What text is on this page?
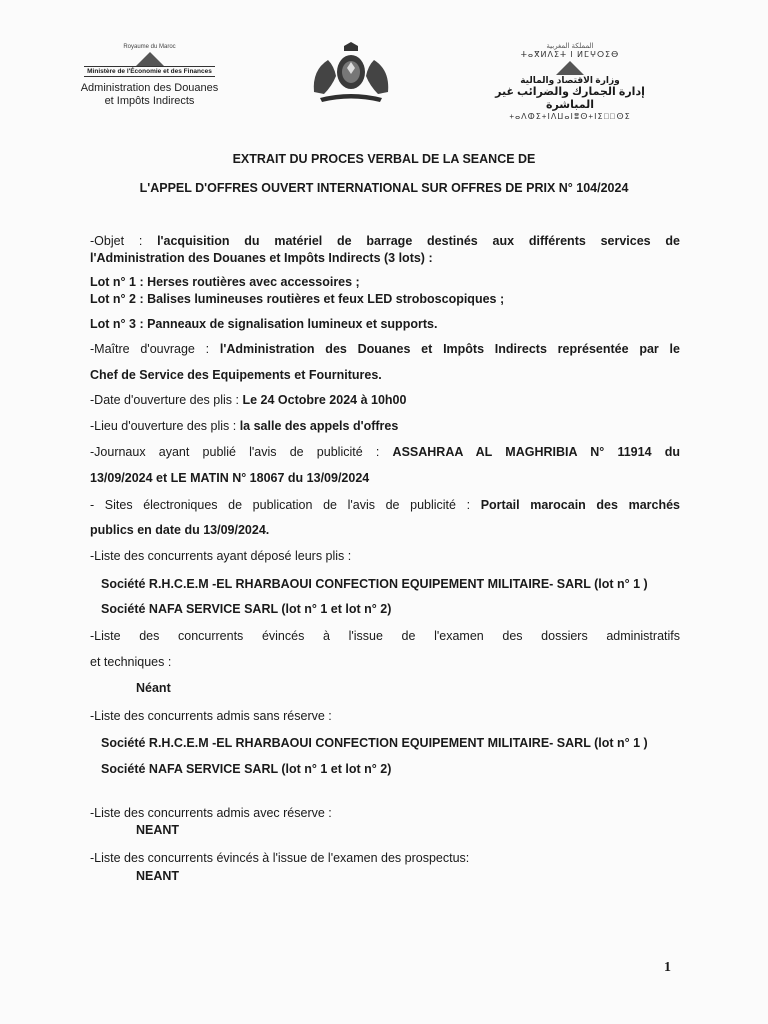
Royaume du Maroc
Ministère de l'Économie et des Finances
Administration des Douanes
et Impôts Indirects
المملكة المغربية
ⵜⴰⴳⵍⴷⵉⵜ ⵏ ⵍⵎⵖⵔⵉⴱ
وزارة الاقتصاد والمالية
إدارة الجمارك والضرائب غير المباشرة
+ⴰⴷⵀⵉ+ⵏⴷⵡⴰⵏⴻⵙ+ⵏⵉⵍ⵿ⵙⵉ
EXTRAIT DU PROCES VERBAL DE LA SEANCE DE
L'APPEL D'OFFRES OUVERT INTERNATIONAL SUR OFFRES DE PRIX N° 104/2024
-Objet : l'acquisition du matériel de barrage destinés aux différents services de
l'Administration des Douanes et Impôts Indirects (3 lots) :
Lot n° 1 : Herses routières avec accessoires ;
Lot n° 2 : Balises lumineuses routières et feux LED stroboscopiques ;
Lot n° 3 : Panneaux de signalisation lumineux et supports.
-Maître d'ouvrage : l'Administration des Douanes et Impôts Indirects représentée par le
Chef de Service des Equipements et Fournitures.
-Date d'ouverture des plis : Le 24 Octobre 2024 à 10h00
-Lieu d'ouverture des plis : la salle des appels d'offres
-Journaux ayant publié l'avis de publicité : ASSAHRAA AL MAGHRIBIA N° 11914 du
13/09/2024 et LE MATIN N° 18067 du 13/09/2024
- Sites électroniques de publication de l'avis de publicité : Portail marocain des marchés
publics en date du 13/09/2024.
-Liste des concurrents ayant déposé leurs plis :
Société R.H.C.E.M -EL RHARBAOUI CONFECTION EQUIPEMENT MILITAIRE- SARL (lot n° 1 )
Société NAFA SERVICE SARL (lot n° 1 et lot n° 2)
-Liste des concurrents évincés à l'issue de l'examen des dossiers administratifs
et techniques :
Néant
-Liste des concurrents admis sans réserve :
Société R.H.C.E.M -EL RHARBAOUI CONFECTION EQUIPEMENT MILITAIRE- SARL (lot n° 1 )
Société NAFA SERVICE SARL (lot n° 1 et lot n° 2)
-Liste des concurrents admis avec réserve :
NEANT
-Liste des concurrents évincés à l'issue de l'examen des prospectus:
NEANT
1
